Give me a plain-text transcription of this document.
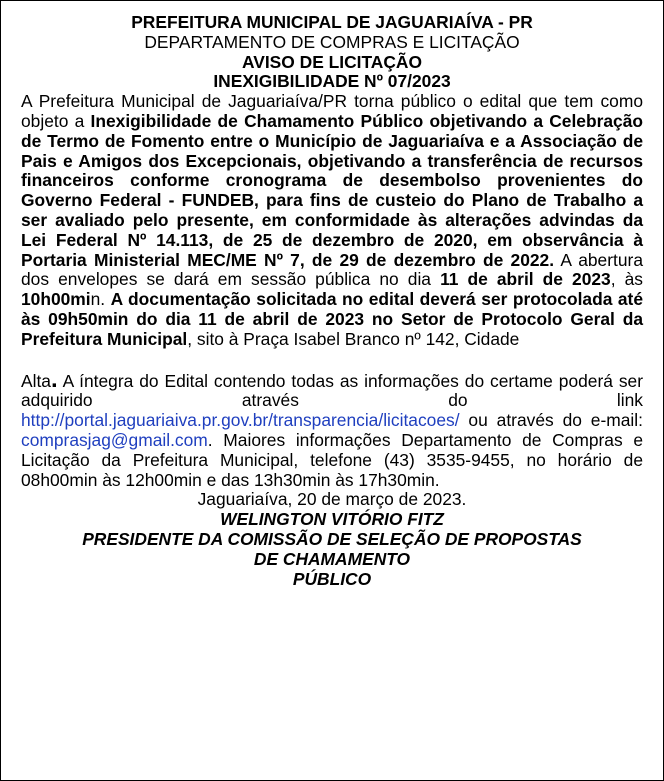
PREFEITURA MUNICIPAL DE JAGUARIAÍVA - PR
DEPARTAMENTO DE COMPRAS E LICITAÇÃO
AVISO DE LICITAÇÃO
INEXIGIBILIDADE Nº 07/2023

A Prefeitura Municipal de Jaguariaíva/PR torna público o edital que tem como objeto a Inexigibilidade de Chamamento Público objetivando a Celebração de Termo de Fomento entre o Município de Jaguariaíva e a Associação de Pais e Amigos dos Excepcionais, objetivando a transferência de recursos financeiros conforme cronograma de desembolso provenientes do Governo Federal - FUNDEB, para fins de custeio do Plano de Trabalho a ser avaliado pelo presente, em conformidade às alterações advindas da Lei Federal Nº 14.113, de 25 de dezembro de 2020, em observância à Portaria Ministerial MEC/ME Nº 7, de 29 de dezembro de 2022. A abertura dos envelopes se dará em sessão pública no dia 11 de abril de 2023, às 10h00min. A documentação solicitada no edital deverá ser protocolada até às 09h50min do dia 11 de abril de 2023 no Setor de Protocolo Geral da Prefeitura Municipal, sito à Praça Isabel Branco nº 142, Cidade

Alta. A íntegra do Edital contendo todas as informações do certame poderá ser adquirido através do link http://portal.jaguariaiva.pr.gov.br/transparencia/licitacoes/ ou através do e-mail: comprasjag@gmail.com. Maiores informações Departamento de Compras e Licitação da Prefeitura Municipal, telefone (43) 3535-9455, no horário de 08h00min às 12h00min e das 13h30min às 17h30min.

Jaguariaíva, 20 de março de 2023.
WELINGTON VITÓRIO FITZ
PRESIDENTE DA COMISSÃO DE SELEÇÃO DE PROPOSTAS
DE CHAMAMENTO
PÚBLICO
